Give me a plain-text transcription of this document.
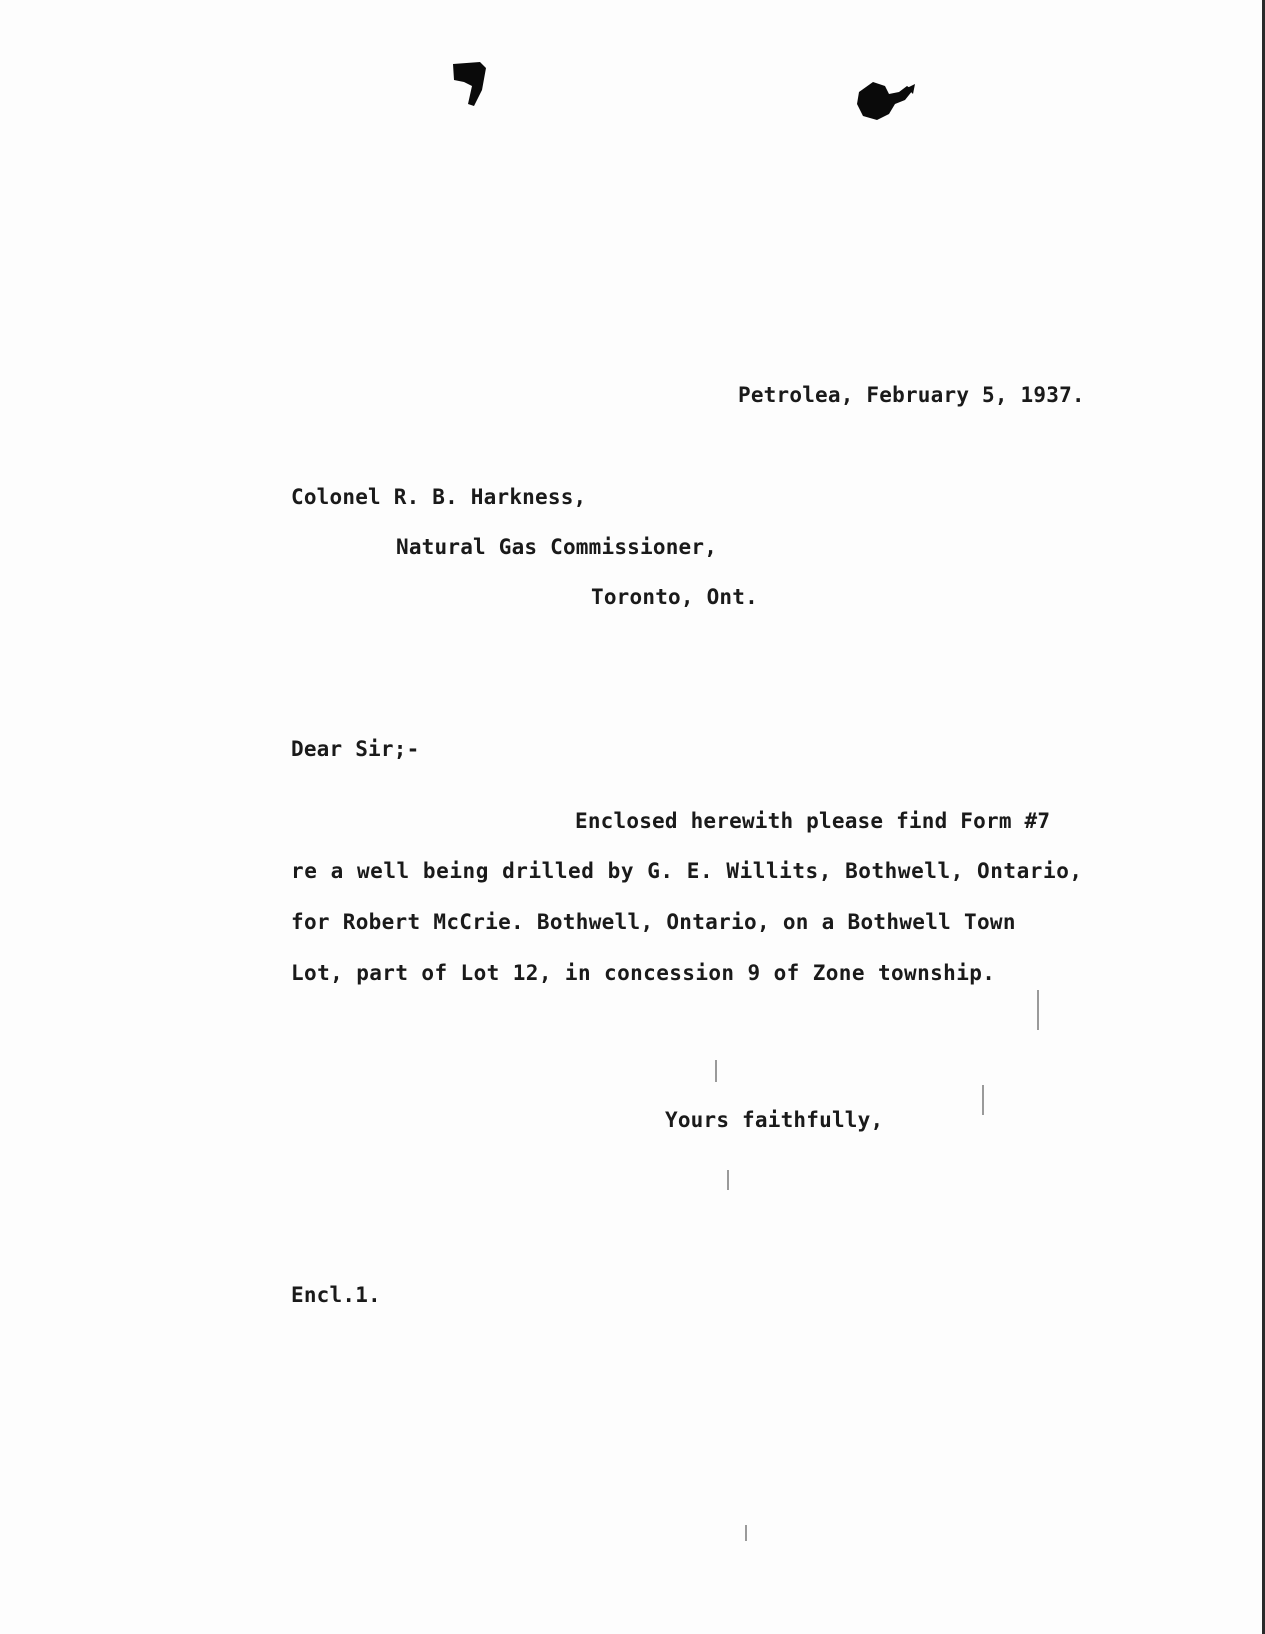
Petrolea, February 5, 1937.
Colonel R. B. Harkness,
Natural Gas Commissioner,
Toronto, Ont.
Dear Sir;-
Enclosed herewith please find Form #7
re a well being drilled by G. E. Willits, Bothwell, Ontario,
for Robert McCrie. Bothwell, Ontario, on a Bothwell Town
Lot, part of Lot 12, in concession 9 of Zone township.
Yours faithfully,
Encl.1.
